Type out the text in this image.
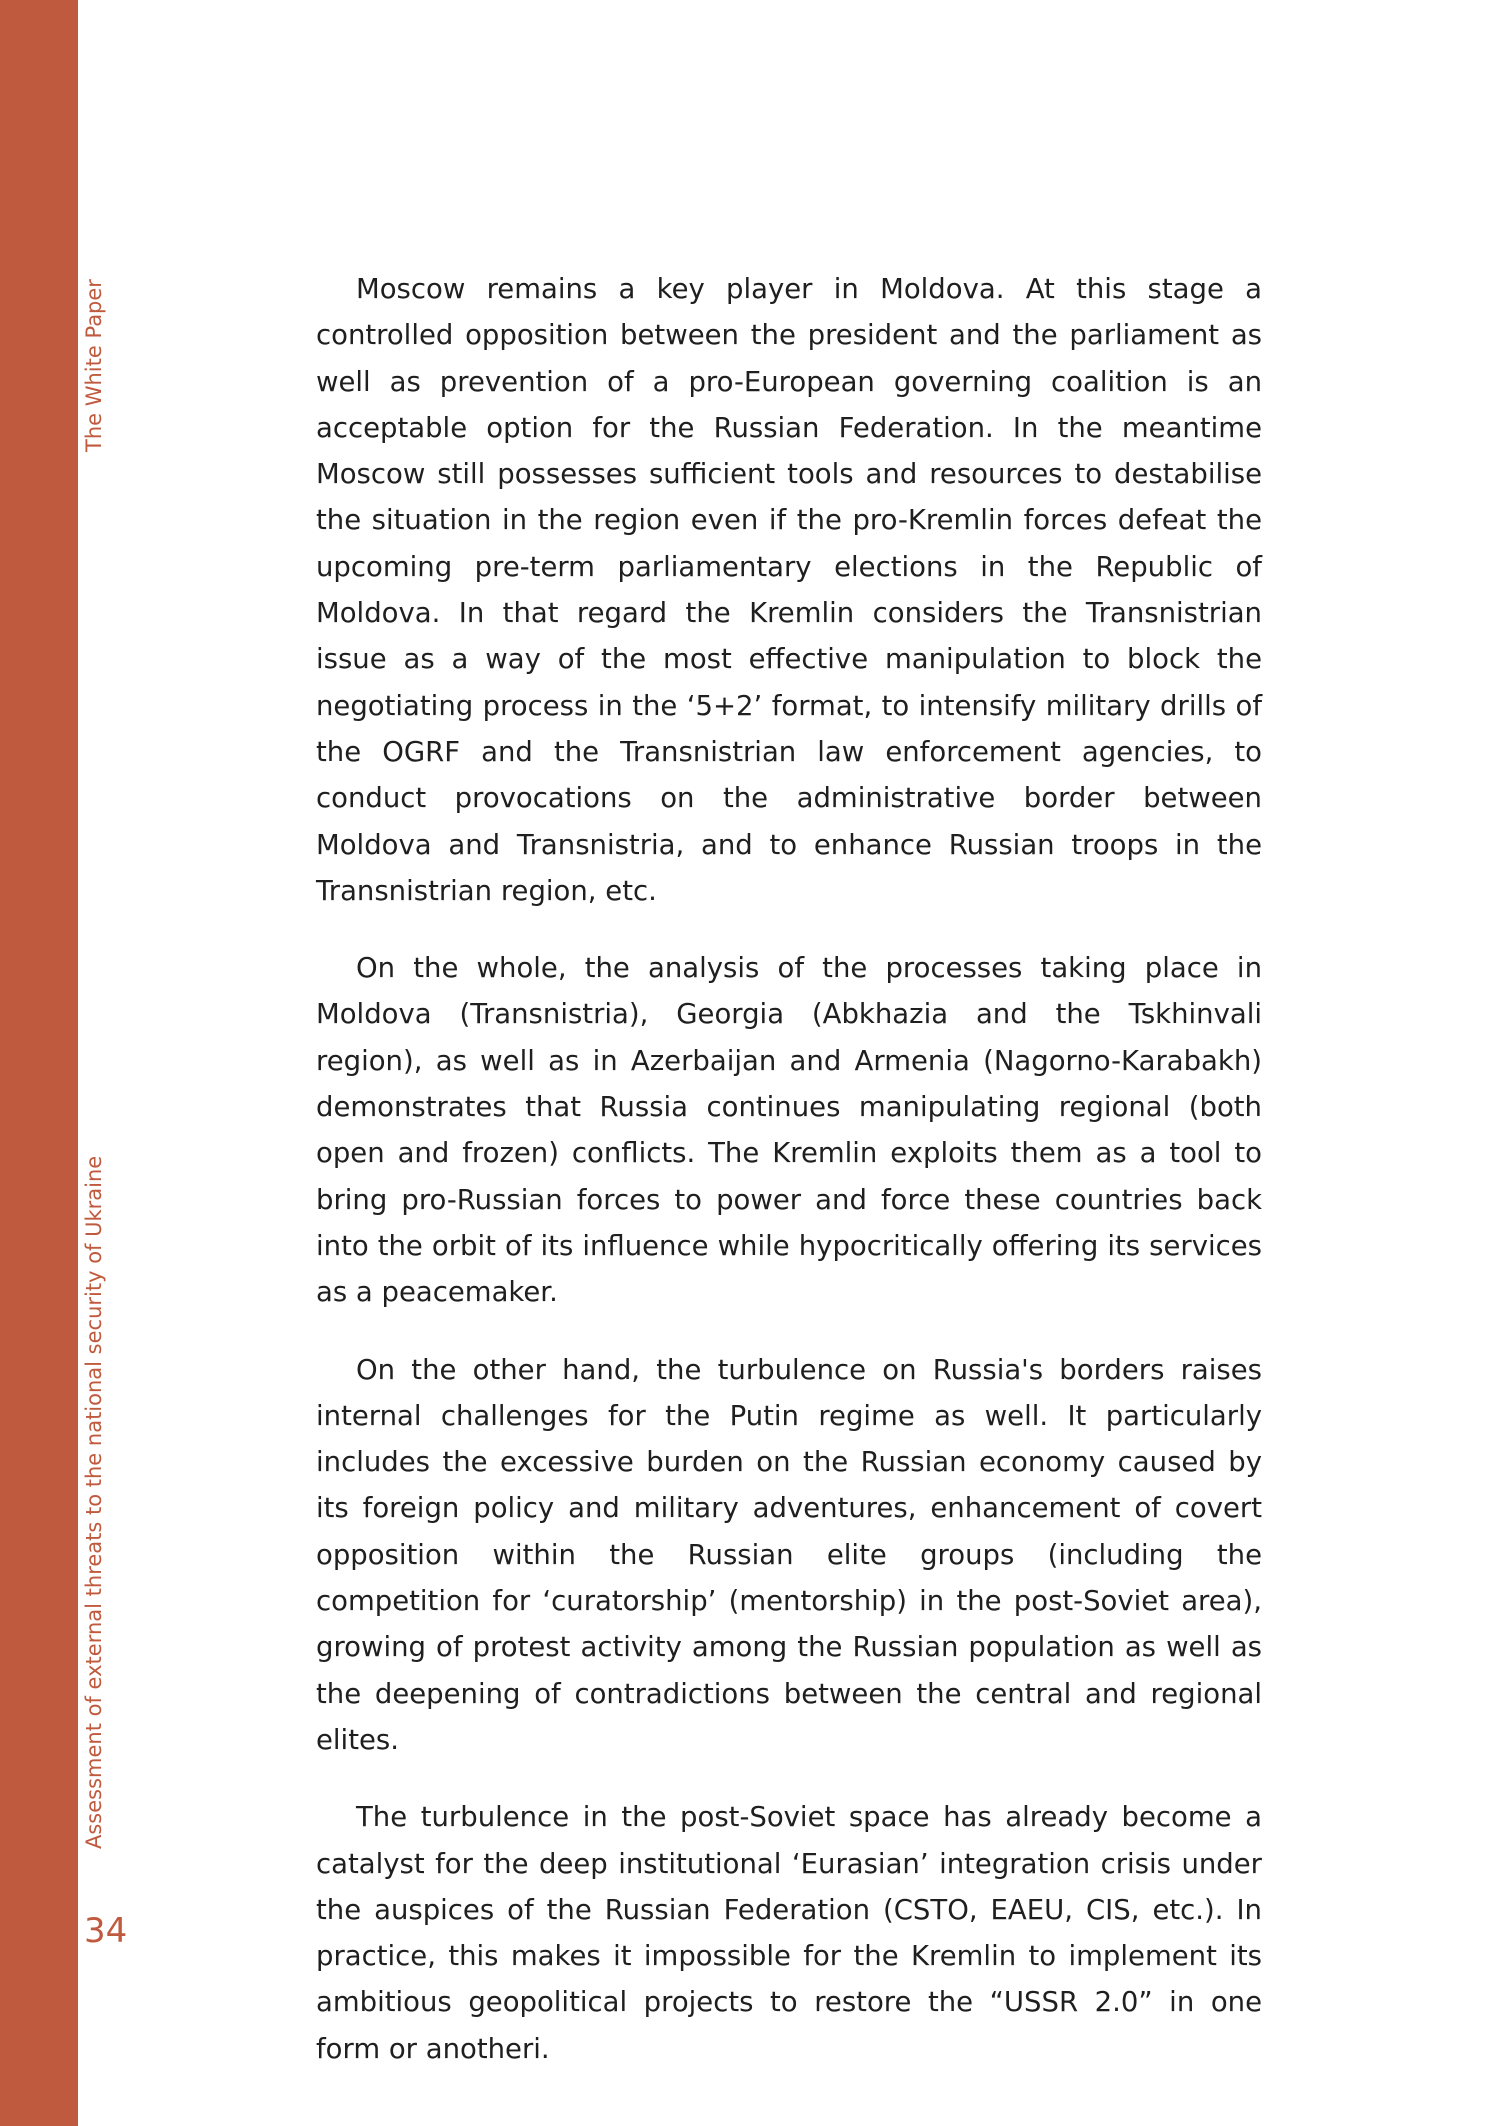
The White Paper
Assessment of external threats to the national security of Ukraine
34

Moscow remains a key player in Moldova. At this stage a controlled opposition between the president and the parliament as well as prevention of a pro-European governing coalition is an acceptable option for the Russian Federation. In the meantime Moscow still possesses sufficient tools and resources to destabilise the situation in the region even if the pro-Kremlin forces defeat the upcoming pre-term parliamentary elections in the Republic of Moldova. In that regard the Kremlin considers the Transnistrian issue as a way of the most effective manipulation to block the negotiating process in the ‘5+2’ format, to intensify military drills of the OGRF and the Transnistrian law enforcement agencies, to conduct provocations on the administrative border between Moldova and Transnistria, and to enhance Russian troops in the Transnistrian region, etc.

On the whole, the analysis of the processes taking place in Moldova (Transnistria), Georgia (Abkhazia and the Tskhinvali region), as well as in Azerbaijan and Armenia (Nagorno-Karabakh) demonstrates that Russia continues manipulating regional (both open and frozen) conflicts. The Kremlin exploits them as a tool to bring pro-Russian forces to power and force these countries back into the orbit of its influence while hypocritically offering its services as a peacemaker.

On the other hand, the turbulence on Russia's borders raises internal challenges for the Putin regime as well. It particularly includes the excessive burden on the Russian economy caused by its foreign policy and military adventures, enhancement of covert opposition within the Russian elite groups (including the competition for ‘curatorship’ (mentorship) in the post-Soviet area), growing of protest activity among the Russian population as well as the deepening of contradictions between the central and regional elites.

The turbulence in the post-Soviet space has already become a catalyst for the deep institutional ‘Eurasian’ integration crisis under the auspices of the Russian Federation (CSTO, EAEU, CIS, etc.). In practice, this makes it impossible for the Kremlin to implement its ambitious geopolitical projects to restore the “USSR 2.0” in one form or anotheri.
